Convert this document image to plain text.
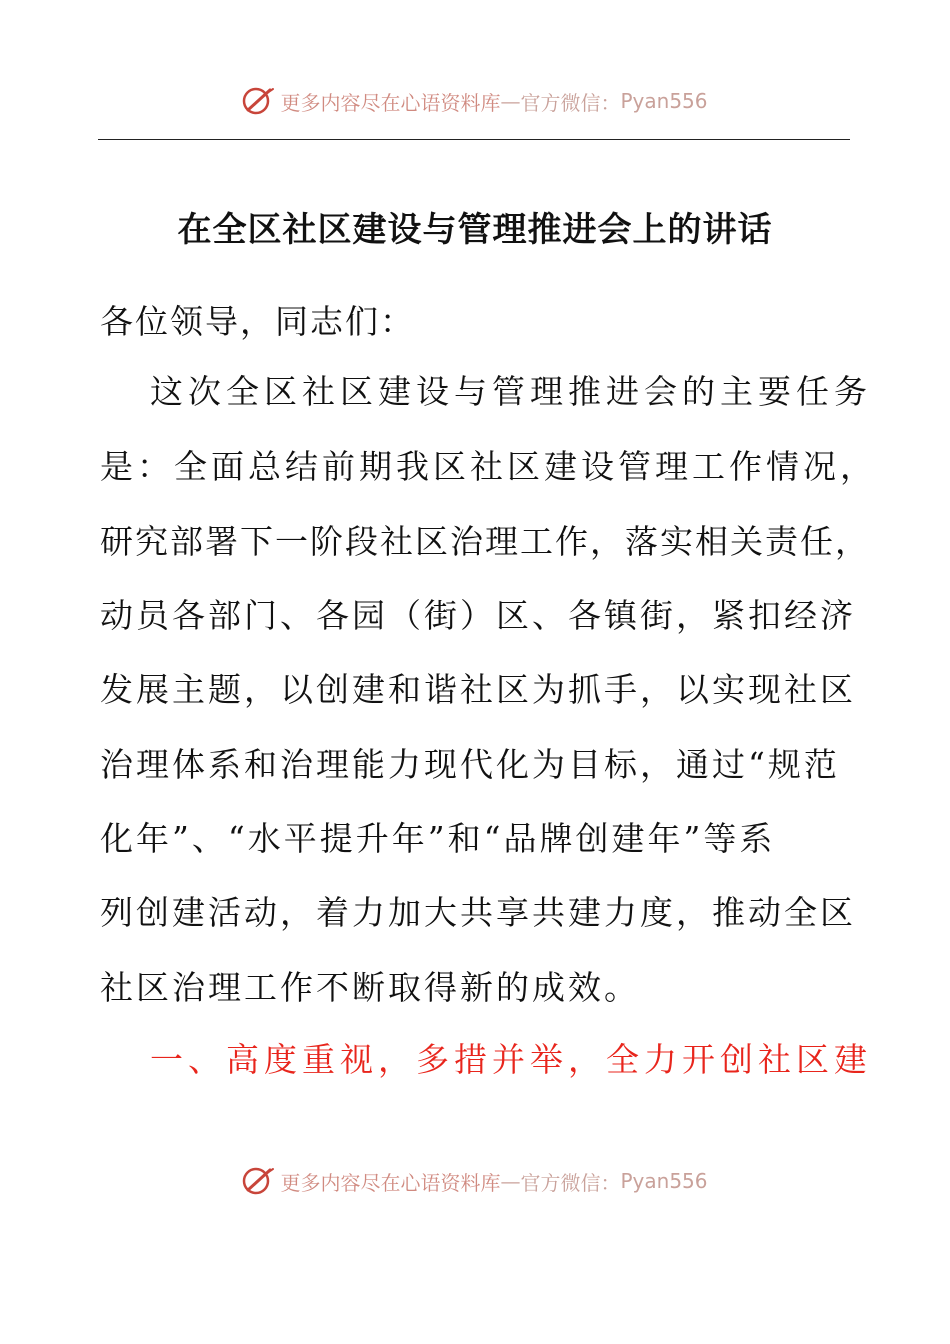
更多内容尽在心语资料库 — 官方微信： Pyan556
在全区社区建设与管理推进会上的讲话
各位领导，同志们：
这次全区社区建设与管理推进会的主要任务
是：全面总结前期我区社区建设管理工作情况，
研究部署下一阶段社区治理工作，落实相关责任，
动员各部门、各园（街）区、各镇街，紧扣经济
发展主题，以创建和谐社区为抓手，以实现社区
治理体系和治理能力现代化为目标，通过“规范
化年”、“水平提升年”和“品牌创建年”等系
列创建活动，着力加大共享共建力度，推动全区
社区治理工作不断取得新的成效。
一、高度重视，多措并举，全力开创社区建
更多内容尽在心语资料库 — 官方微信： Pyan556
